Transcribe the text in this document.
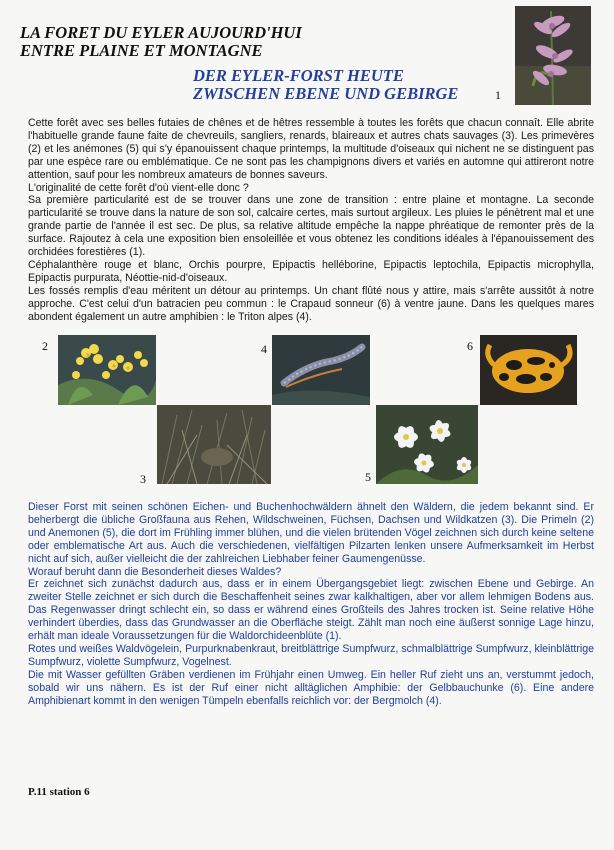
LA FORET DU EYLER AUJOURD'HUI
ENTRE PLAINE ET MONTAGNE
DER EYLER-FORST HEUTE
ZWISCHEN EBENE UND GEBIRGE	1

Cette forêt avec ses belles futaies de chênes et de hêtres ressemble à toutes les forêts que chacun connaît. Elle abrite l'habituelle grande faune faite de chevreuils, sangliers, renards, blaireaux et autres chats sauvages (3). Les primevères (2) et les anémones (5) qui s'y épanouissent chaque printemps, la multitude d'oiseaux qui nichent ne se distinguent pas par une espèce rare ou emblématique. Ce ne sont pas les champignons divers et variés en automne qui attireront notre attention, sauf pour les nombreux amateurs de bonnes saveurs.

L'originalité de cette forêt d'où vient-elle donc ?

Sa première particularité est de se trouver dans une zone de transition : entre plaine et montagne. La seconde particularité se trouve dans la nature de son sol, calcaire certes, mais surtout argileux. Les pluies le pénètrent mal et une grande partie de l'année il est sec. De plus, sa relative altitude empêche la nappe phréatique de remonter près de la surface. Rajoutez à cela une exposition bien ensoleillée et vous obtenez les conditions idéales à l'épanouissement des orchidées forestières (1).

Céphalanthère rouge et blanc, Orchis pourpre, Epipactis helléborine, Epipactis leptochila, Epipactis microphylla, Epipactis purpurata, Néottie-nid-d'oiseaux.

Les fossés remplis d'eau méritent un détour au printemps. Un chant flûté nous y attire, mais s'arrête aussitôt à notre approche. C'est celui d'un batracien peu commun : le Crapaud sonneur (6) à ventre jaune. Dans les quelques mares abondent également un autre amphibien : le Triton alpes (4).

2
3
4
5
6

Dieser Forst mit seinen schönen Eichen- und Buchenhochwäldern ähnelt den Wäldern, die jedem bekannt sind. Er beherbergt die übliche Großfauna aus Rehen, Wildschweinen, Füchsen, Dachsen und Wildkatzen (3). Die Primeln (2) und Anemonen (5), die dort im Frühling immer blühen, und die vielen brütenden Vögel zeichnen sich durch keine seltene oder emblematische Art aus. Auch die verschiedenen, vielfältigen Pilzarten lenken unsere Aufmerksamkeit im Herbst nicht auf sich, außer vielleicht die der zahlreichen Liebhaber feiner Gaumengenüsse.

Worauf beruht dann die Besonderheit dieses Waldes?

Er zeichnet sich zunächst dadurch aus, dass er in einem Übergangsgebiet liegt: zwischen Ebene und Gebirge. An zweiter Stelle zeichnet er sich durch die Beschaffenheit seines zwar kalkhaltigen, aber vor allem lehmigen Bodens aus. Das Regenwasser dringt schlecht ein, so dass er während eines Großteils des Jahres trocken ist. Seine relative Höhe verhindert überdies, dass das Grundwasser an die Oberfläche steigt. Zählt man noch eine äußerst sonnige Lage hinzu, erhält man ideale Voraussetzungen für die Waldorchideenblüte (1).

Rotes und weißes Waldvögelein, Purpurknabenkraut, breitblättrige Sumpfwurz, schmalblättrige Sumpfwurz, kleinblättrige Sumpfwurz, violette Sumpfwurz, Vogelnest.

Die mit Wasser gefüllten Gräben verdienen im Frühjahr einen Umweg. Ein heller Ruf zieht uns an, verstummt jedoch, sobald wir uns nähern. Es ist der Ruf einer nicht alltäglichen Amphibie: der Gelbbauchunke (6). Eine andere Amphibienart kommt in den wenigen Tümpeln ebenfalls reichlich vor: der Bergmolch (4).

P.11 station 6
